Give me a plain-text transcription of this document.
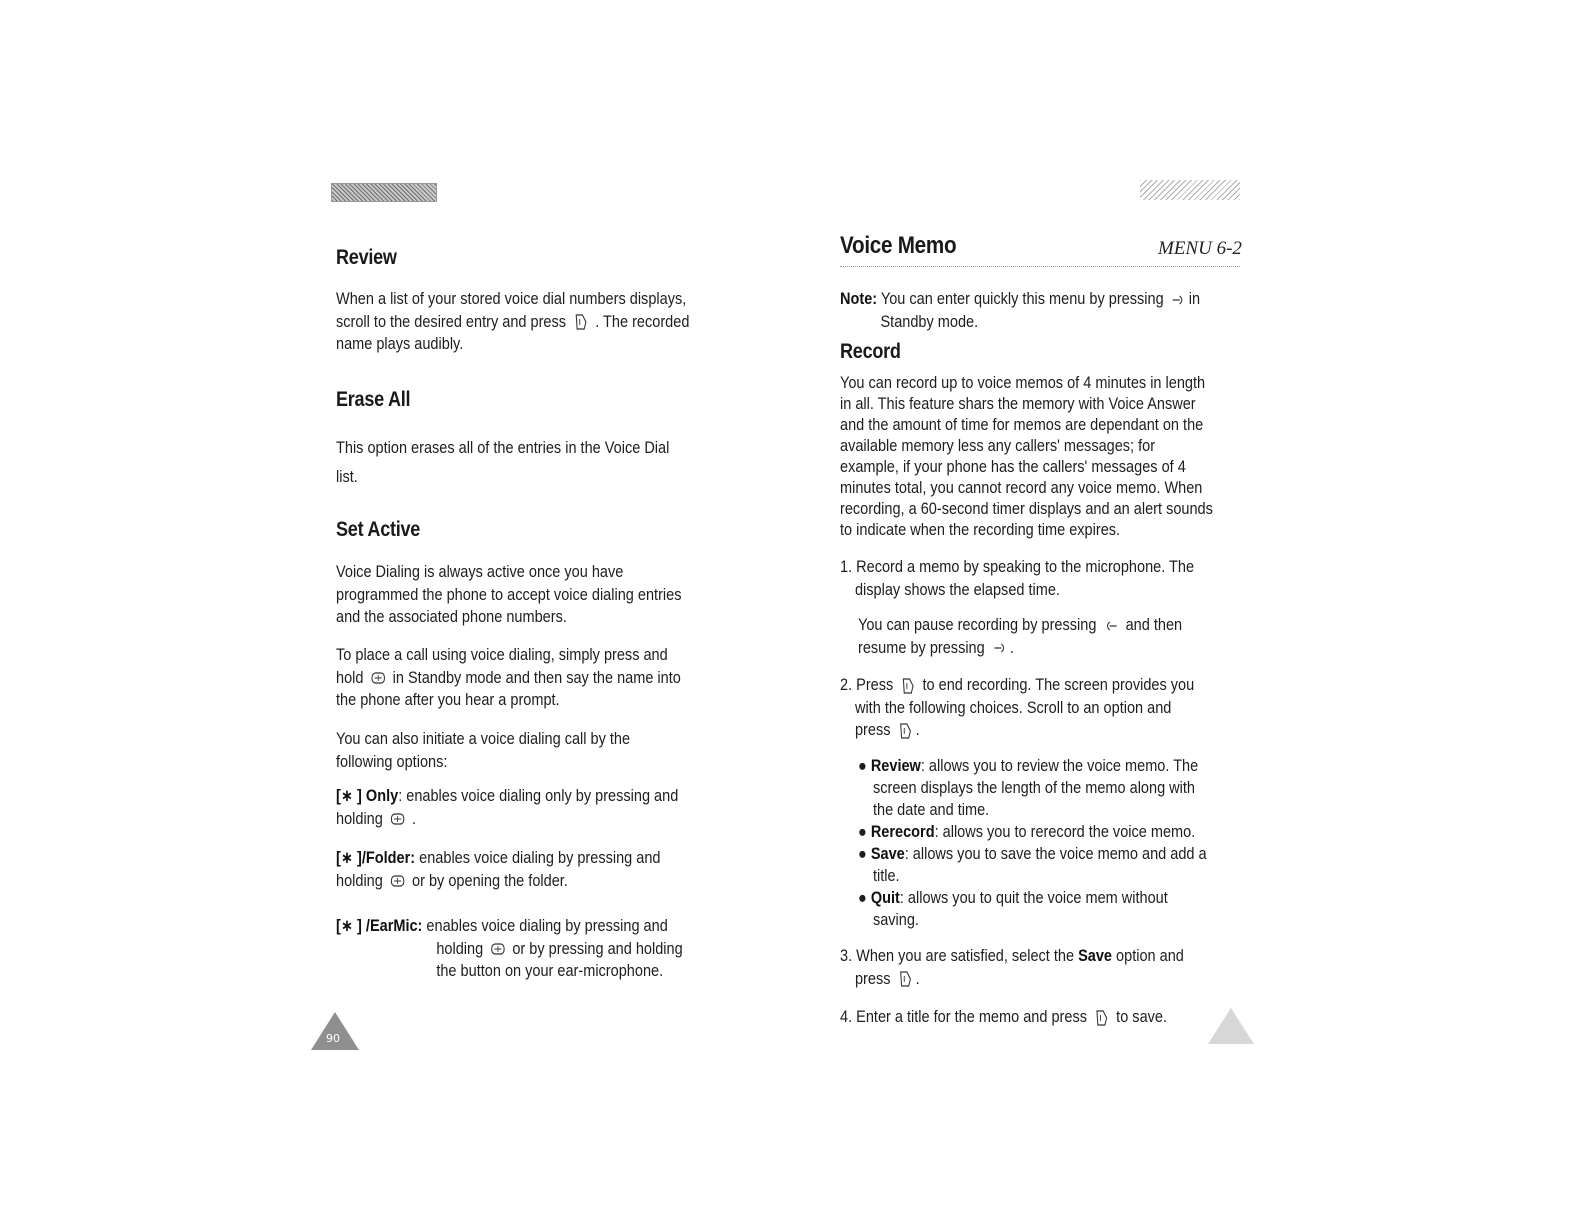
Review

When a list of your stored voice dial numbers displays,
scroll to the desired entry and press . The recorded
name plays audibly.

Erase All

This option erases all of the entries in the Voice Dial
list.

Set Active

Voice Dialing is always active once you have
programmed the phone to accept voice dialing entries
and the associated phone numbers.

To place a call using voice dialing, simply press and
hold in Standby mode and then say the name into
the phone after you hear a prompt.

You can also initiate a voice dialing call by the
following options:

[∗ ] Only: enables voice dialing only by pressing and
holding
.

[∗ ]/Folder: enables voice dialing by pressing and
holding or by opening the folder.

[∗ ] /EarMic: enables voice dialing by pressing and
holding or by pressing and holding
the button on your ear-microphone.

90
Voice Memo	MENU 6-2

Note: You can enter quickly this menu by pressing in
Standby mode.

Record

You can record up to voice memos of 4 minutes in length
in all. This feature shars the memory with Voice Answer
and the amount of time for memos are dependant on the
available memory less any callers' messages; for
example, if your phone has the callers' messages of 4
minutes total, you cannot record any voice memo. When
recording, a 60-second timer displays and an alert sounds
to indicate when the recording time expires.

1. Record a memo by speaking to the microphone. The
display shows the elapsed time.

You can pause recording by pressing and then
resume by pressing .

2. Press to end recording. The screen provides you
with the following choices. Scroll to an option and
press .

● Review: allows you to review the voice memo. The
screen displays the length of the memo along with
the date and time.
● Rerecord: allows you to rerecord the voice memo.
● Save: allows you to save the voice memo and add a
title.
● Quit: allows you to quit the voice mem without
saving.

3. When you are satisfied, select the Save option and
press .

4. Enter a title for the memo and press to save.
